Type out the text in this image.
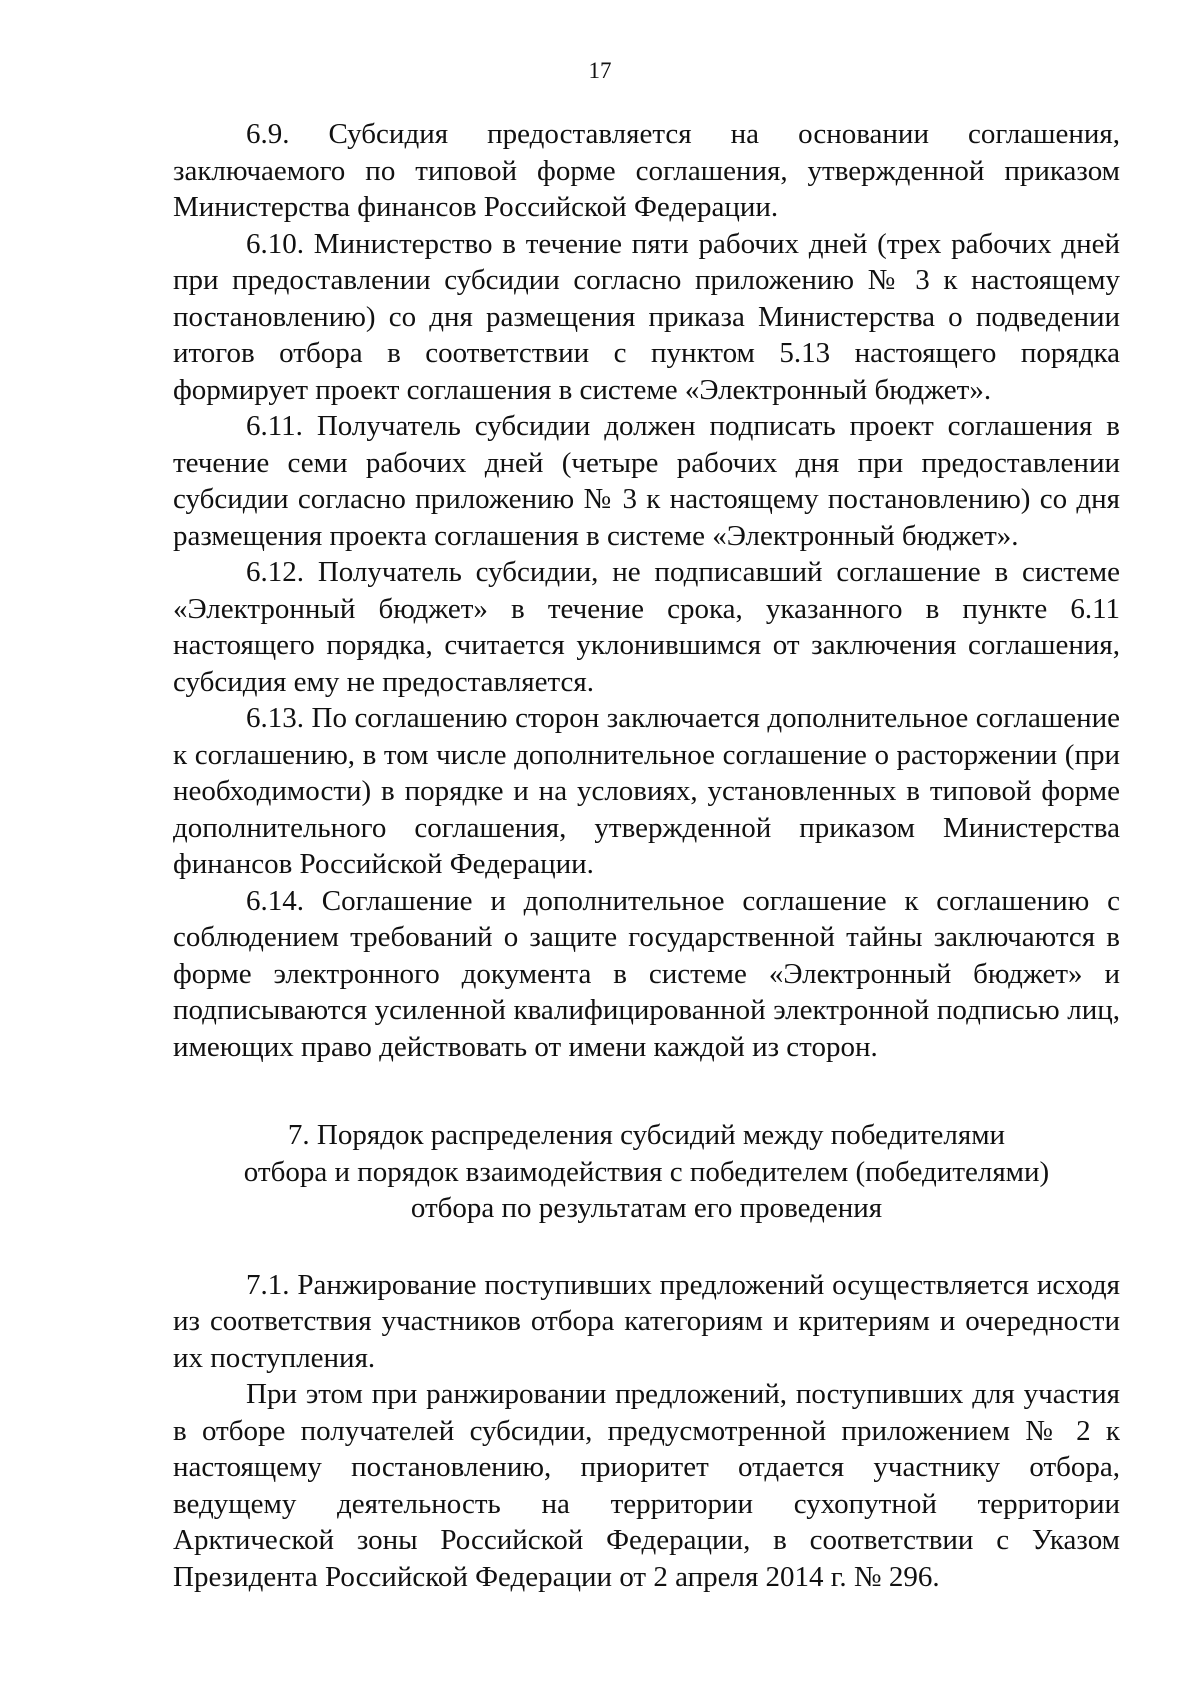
17

6.9. Субсидия предоставляется на основании соглашения, заключаемого по типовой форме соглашения, утвержденной приказом Министерства финансов Российской Федерации.

6.10. Министерство в течение пяти рабочих дней (трех рабочих дней при предоставлении субсидии согласно приложению № 3 к настоящему постановлению) со дня размещения приказа Министерства о подведении итогов отбора в соответствии с пунктом 5.13 настоящего порядка формирует проект соглашения в системе «Электронный бюджет».

6.11. Получатель субсидии должен подписать проект соглашения в течение семи рабочих дней (четыре рабочих дня при предоставлении субсидии согласно приложению № 3 к настоящему постановлению) со дня размещения проекта соглашения в системе «Электронный бюджет».

6.12. Получатель субсидии, не подписавший соглашение в системе «Электронный бюджет» в течение срока, указанного в пункте 6.11 настоящего порядка, считается уклонившимся от заключения соглашения, субсидия ему не предоставляется.

6.13. По соглашению сторон заключается дополнительное соглашение к соглашению, в том числе дополнительное соглашение о расторжении (при необходимости) в порядке и на условиях, установленных в типовой форме дополнительного соглашения, утвержденной приказом Министерства финансов Российской Федерации.

6.14. Соглашение и дополнительное соглашение к соглашению с соблюдением требований о защите государственной тайны заключаются в форме электронного документа в системе «Электронный бюджет» и подписываются усиленной квалифицированной электронной подписью лиц, имеющих право действовать от имени каждой из сторон.

7. Порядок распределения субсидий между победителями
отбора и порядок взаимодействия с победителем (победителями)
отбора по результатам его проведения

7.1. Ранжирование поступивших предложений осуществляется исходя из соответствия участников отбора категориям и критериям и очередности их поступления.

При этом при ранжировании предложений, поступивших для участия в отборе получателей субсидии, предусмотренной приложением № 2 к настоящему постановлению, приоритет отдается участнику отбора, ведущему деятельность на территории сухопутной территории Арктической зоны Российской Федерации, в соответствии с Указом Президента Российской Федерации от 2 апреля 2014 г. № 296.
